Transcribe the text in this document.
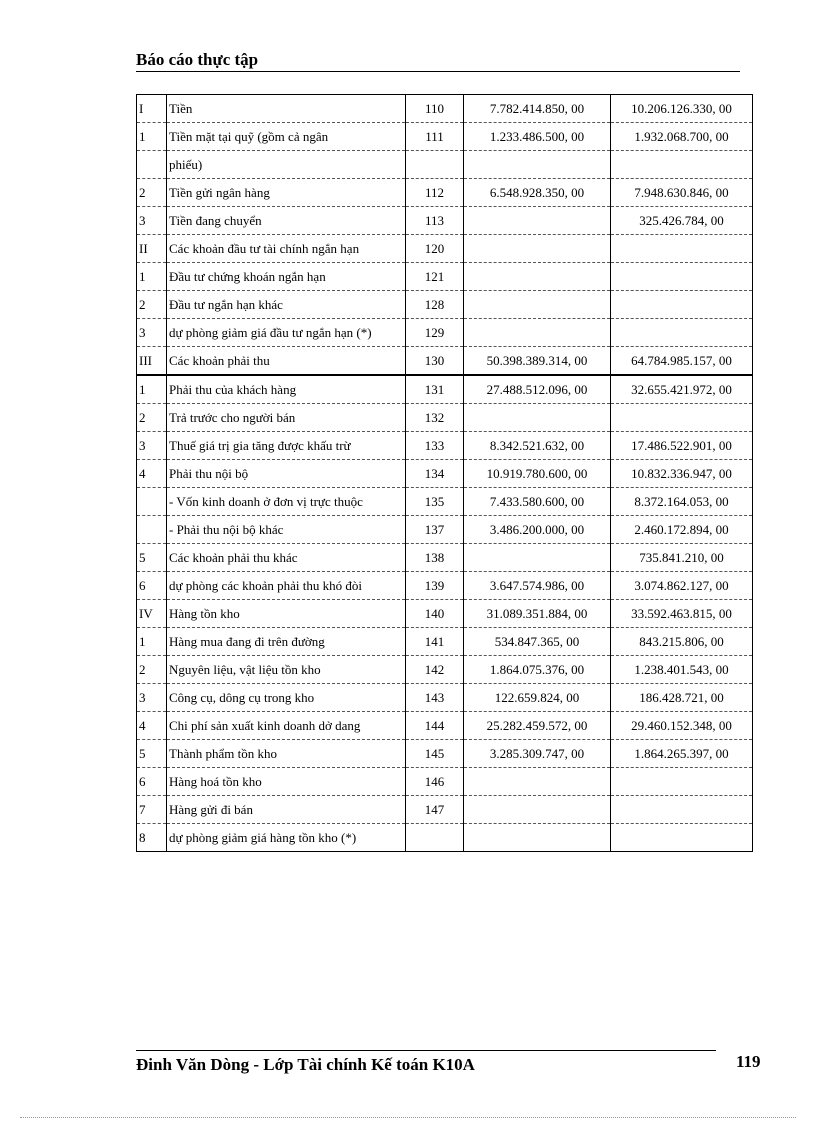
Báo cáo thực tập
I	Tiền	110	7.782.414.850, 00	10.206.126.330, 00
1	Tiền mặt tại quỹ (gồm cả ngân	111	1.233.486.500, 00	1.932.068.700, 00
	phiếu)			
2	Tiền gửi ngân hàng	112	6.548.928.350, 00	7.948.630.846, 00
3	Tiền đang chuyển	113		325.426.784, 00
II	Các khoản đầu tư tài chính ngắn hạn	120		
1	Đầu tư chứng khoán ngắn hạn	121		
2	Đầu tư ngắn hạn khác	128		
3	dự phòng giảm giá đầu tư ngắn hạn (*)	129		
III	Các khoản phải thu	130	50.398.389.314, 00	64.784.985.157, 00
1	Phải thu của khách hàng	131	27.488.512.096, 00	32.655.421.972, 00
2	Trả trước cho người bán	132		
3	Thuế giá trị gia tăng được khấu trừ	133	8.342.521.632, 00	17.486.522.901, 00
4	Phải thu nội bộ	134	10.919.780.600, 00	10.832.336.947, 00
	- Vốn kinh doanh ở đơn vị trực thuộc	135	7.433.580.600, 00	8.372.164.053, 00
	- Phải thu nội bộ khác	137	3.486.200.000, 00	2.460.172.894, 00
5	Các khoản phải thu khác	138		735.841.210, 00
6	dự phòng các khoản phải thu khó đòi	139	3.647.574.986, 00	3.074.862.127, 00
IV	Hàng tồn kho	140	31.089.351.884, 00	33.592.463.815, 00
1	Hàng mua đang đi trên đường	141	534.847.365, 00	843.215.806, 00
2	Nguyên liệu, vật liệu tồn kho	142	1.864.075.376, 00	1.238.401.543, 00
3	Công cụ, dông cụ trong kho	143	122.659.824, 00	186.428.721, 00
4	Chi phí sản xuất kinh doanh dở dang	144	25.282.459.572, 00	29.460.152.348, 00
5	Thành phẩm tồn kho	145	3.285.309.747, 00	1.864.265.397, 00
6	Hàng hoá tồn kho	146		
7	Hàng gửi đi bán	147		
8	dự phòng giảm giá hàng tồn kho (*)			
Đinh Văn Dòng - Lớp Tài chính Kế toán K10A	119
